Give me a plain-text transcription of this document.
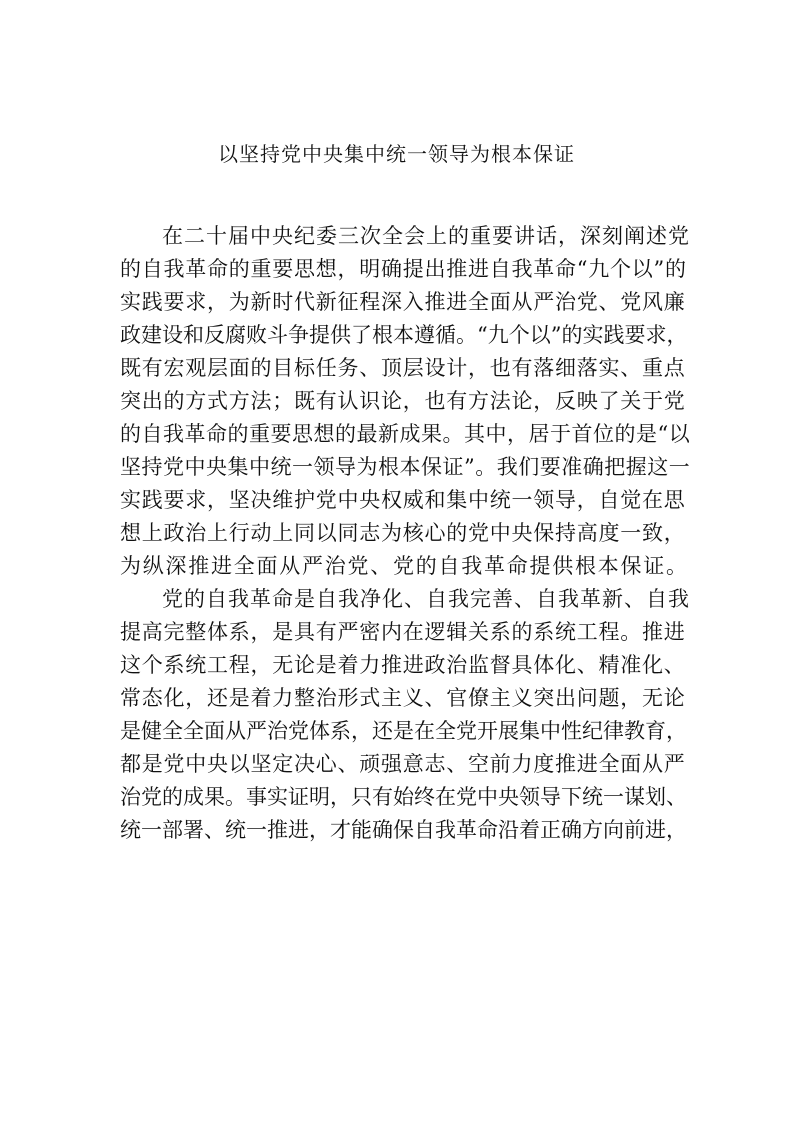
以坚持党中央集中统一领导为根本保证
在二十届中央纪委三次全会上的重要讲话，深刻阐述党
的自我革命的重要思想，明确提出推进自我革命“九个以”的
实践要求，为新时代新征程深入推进全面从严治党、党风廉
政建设和反腐败斗争提供了根本遵循。“九个以”的实践要求，
既有宏观层面的目标任务、顶层设计，也有落细落实、重点
突出的方式方法；既有认识论，也有方法论，反映了关于党
的自我革命的重要思想的最新成果。其中，居于首位的是“以
坚持党中央集中统一领导为根本保证”。我们要准确把握这一
实践要求，坚决维护党中央权威和集中统一领导，自觉在思
想上政治上行动上同以同志为核心的党中央保持高度一致，
为纵深推进全面从严治党、党的自我革命提供根本保证。
党的自我革命是自我净化、自我完善、自我革新、自我
提高完整体系，是具有严密内在逻辑关系的系统工程。推进
这个系统工程，无论是着力推进政治监督具体化、精准化、
常态化，还是着力整治形式主义、官僚主义突出问题，无论
是健全全面从严治党体系，还是在全党开展集中性纪律教育，
都是党中央以坚定决心、顽强意志、空前力度推进全面从严
治党的成果。事实证明，只有始终在党中央领导下统一谋划、
统一部署、统一推进，才能确保自我革命沿着正确方向前进，
